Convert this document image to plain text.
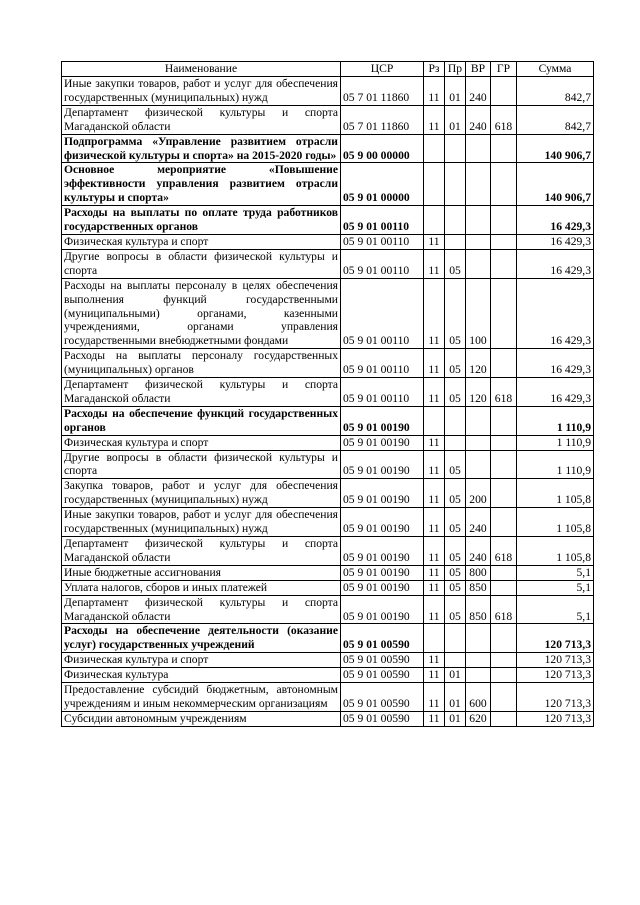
Наименование	ЦСР	Рз	Пр	ВР	ГР	Сумма
Иные закупки товаров, работ и услуг для обеспечения государственных (муниципальных) нужд	05 7 01 11860	11	01	240		842,7
Департамент физической культуры и спорта Магаданской области	05 7 01 11860	11	01	240	618	842,7
Подпрограмма «Управление развитием отрасли физической культуры и спорта» на 2015-2020 годы»	05 9 00 00000					140 906,7
Основное мероприятие «Повышение эффективности управления развитием отрасли культуры и спорта»	05 9 01 00000					140 906,7
Расходы на выплаты по оплате труда работников государственных органов	05 9 01 00110					16 429,3
Физическая культура и спорт	05 9 01 00110	11				16 429,3
Другие вопросы в области физической культуры и спорта	05 9 01 00110	11	05			16 429,3
Расходы на выплаты персоналу в целях обеспечения выполнения функций государственными (муниципальными) органами, казенными учреждениями, органами управления государственными внебюджетными фондами	05 9 01 00110	11	05	100		16 429,3
Расходы на выплаты персоналу государственных (муниципальных) органов	05 9 01 00110	11	05	120		16 429,3
Департамент физической культуры и спорта Магаданской области	05 9 01 00110	11	05	120	618	16 429,3
Расходы на обеспечение функций государственных органов	05 9 01 00190					1 110,9
Физическая культура и спорт	05 9 01 00190	11				1 110,9
Другие вопросы в области физической культуры и спорта	05 9 01 00190	11	05			1 110,9
Закупка товаров, работ и услуг для обеспечения государственных (муниципальных) нужд	05 9 01 00190	11	05	200		1 105,8
Иные закупки товаров, работ и услуг для обеспечения государственных (муниципальных) нужд	05 9 01 00190	11	05	240		1 105,8
Департамент физической культуры и спорта Магаданской области	05 9 01 00190	11	05	240	618	1 105,8
Иные бюджетные ассигнования	05 9 01 00190	11	05	800		5,1
Уплата налогов, сборов и иных платежей	05 9 01 00190	11	05	850		5,1
Департамент физической культуры и спорта Магаданской области	05 9 01 00190	11	05	850	618	5,1
Расходы на обеспечение деятельности (оказание услуг) государственных учреждений	05 9 01 00590					120 713,3
Физическая культура и спорт	05 9 01 00590	11				120 713,3
Физическая культура	05 9 01 00590	11	01			120 713,3
Предоставление субсидий бюджетным, автономным учреждениям и иным некоммерческим организациям	05 9 01 00590	11	01	600		120 713,3
Субсидии автономным учреждениям	05 9 01 00590	11	01	620		120 713,3
